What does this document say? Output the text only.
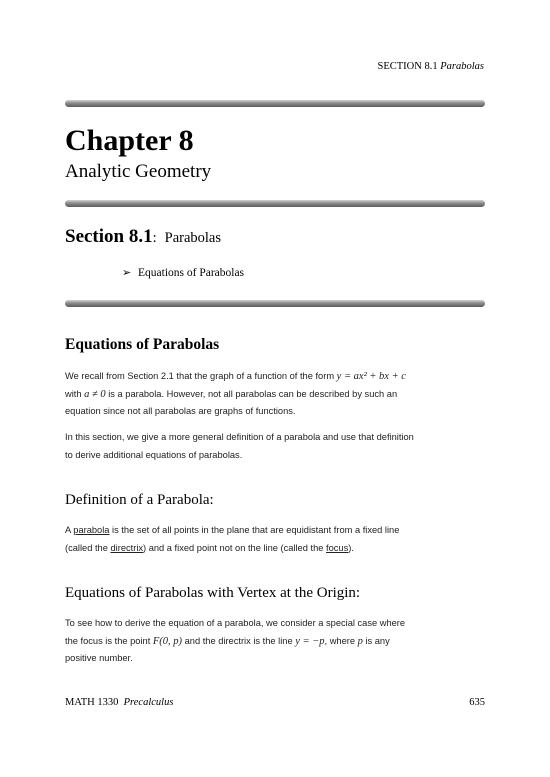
SECTION 8.1 Parabolas
Chapter 8
Analytic Geometry
Section 8.1: Parabolas
➢ Equations of Parabolas
Equations of Parabolas
We recall from Section 2.1 that the graph of a function of the form y = ax² + bx + c
with a ≠ 0 is a parabola. However, not all parabolas can be described by such an
equation since not all parabolas are graphs of functions.
In this section, we give a more general definition of a parabola and use that definition
to derive additional equations of parabolas.
Definition of a Parabola:
A parabola is the set of all points in the plane that are equidistant from a fixed line
(called the directrix) and a fixed point not on the line (called the focus).
Equations of Parabolas with Vertex at the Origin:
To see how to derive the equation of a parabola, we consider a special case where
the focus is the point F(0, p) and the directrix is the line y = −p, where p is any
positive number.
MATH 1330 Precalculus	635
